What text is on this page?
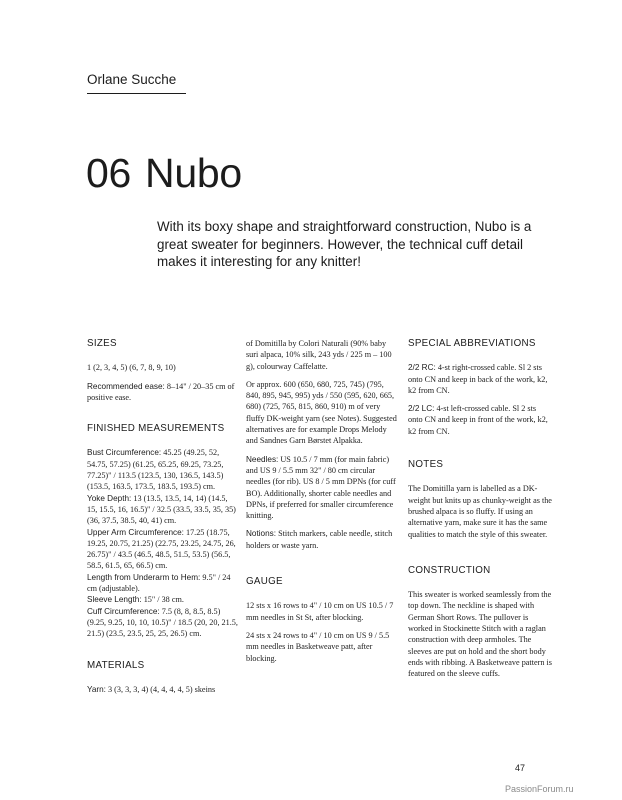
Orlane Sucche
06 Nubo
With its boxy shape and straightforward construction, Nubo is a great sweater for beginners. However, the technical cuff detail makes it interesting for any knitter!
SIZES

1 (2, 3, 4, 5) (6, 7, 8, 9, 10)

Recommended ease: 8–14" / 20–35 cm of positive ease.

FINISHED MEASUREMENTS
Bust Circumference: 45.25 (49.25, 52, 54.75, 57.25) (61.25, 65.25, 69.25, 73.25, 77.25)" / 113.5 (123.5, 130, 136.5, 143.5) (153.5, 163.5, 173.5, 183.5, 193.5) cm.
Yoke Depth: 13 (13.5, 13.5, 14, 14) (14.5, 15, 15.5, 16, 16.5)" / 32.5 (33.5, 33.5, 35, 35) (36, 37.5, 38.5, 40, 41) cm.
Upper Arm Circumference: 17.25 (18.75, 19.25, 20.75, 21.25) (22.75, 23.25, 24.75, 26, 26.75)" / 43.5 (46.5, 48.5, 51.5, 53.5) (56.5, 58.5, 61.5, 65, 66.5) cm.
Length from Underarm to Hem: 9.5" / 24 cm (adjustable).
Sleeve Length: 15" / 38 cm.
Cuff Circumference: 7.5 (8, 8, 8.5, 8.5) (9.25, 9.25, 10, 10, 10.5)" / 18.5 (20, 20, 21.5, 21.5) (23.5, 23.5, 25, 25, 26.5) cm.
MATERIALS

Yarn: 3 (3, 3, 3, 4) (4, 4, 4, 4, 5) skeins

of Domitilla by Colori Naturali (90% baby suri alpaca, 10% silk, 243 yds / 225 m – 100 g), colourway Caffelatte.

Or approx. 600 (650, 680, 725, 745) (795, 840, 895, 945, 995) yds / 550 (595, 620, 665, 680) (725, 765, 815, 860, 910) m of very fluffy DK-weight yarn (see Notes). Suggested alternatives are for example Drops Melody and Sandnes Garn Børstet Alpakka.

Needles: US 10.5 / 7 mm (for main fabric) and US 9 / 5.5 mm 32" / 80 cm circular needles (for rib). US 8 / 5 mm DPNs (for cuff BO). Additionally, shorter cable needles and DPNs, if preferred for smaller circumference knitting.

Notions: Stitch markers, cable needle, stitch holders or waste yarn.

GAUGE

12 sts x 16 rows to 4" / 10 cm on US 10.5 / 7 mm needles in St St, after blocking.

24 sts x 24 rows to 4" / 10 cm on US 9 / 5.5 mm needles in Basketweave patt, after blocking.

SPECIAL ABBREVIATIONS

2/2 RC: 4-st right-crossed cable. Sl 2 sts onto CN and keep in back of the work, k2, k2 from CN.

2/2 LC: 4-st left-crossed cable. Sl 2 sts onto CN and keep in front of the work, k2, k2 from CN.

NOTES

The Domitilla yarn is labelled as a DK-weight but knits up as chunky-weight as the brushed alpaca is so fluffy. If using an alternative yarn, make sure it has the same qualities to match the style of this sweater.

CONSTRUCTION

This sweater is worked seamlessly from the top down. The neckline is shaped with German Short Rows. The pullover is worked in Stockinette Stitch with a raglan construction with deep armholes. The sleeves are put on hold and the short body ends with ribbing. A Basketweave pattern is featured on the sleeve cuffs.

47
PassionForum.ru
